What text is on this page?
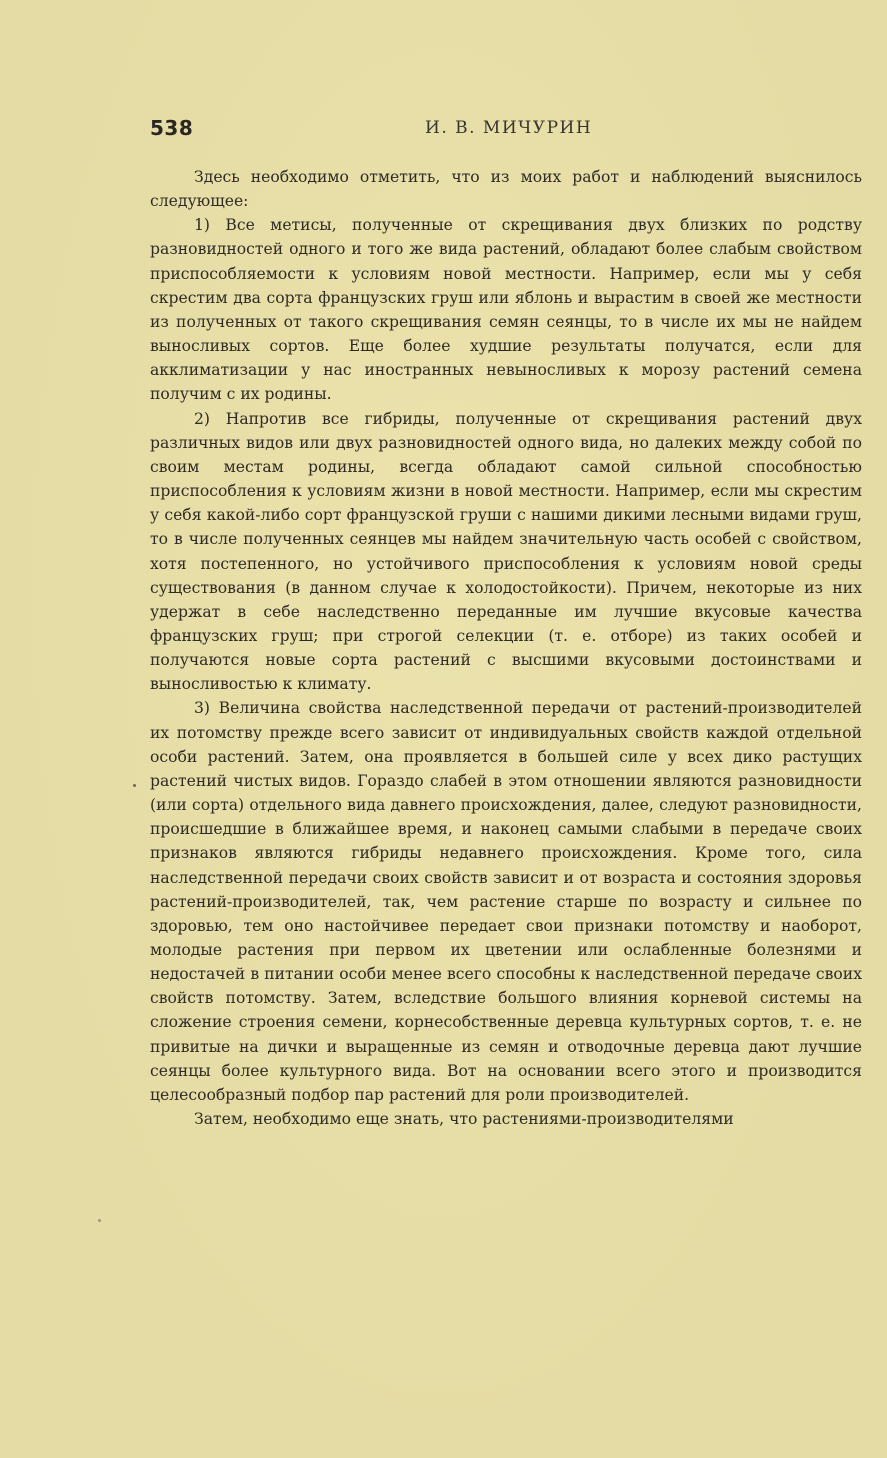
538	И. В. МИЧУРИН

Здесь необходимо отметить, что из моих работ и наблюдений выяснилось следующее:

1) Все метисы, полученные от скрещивания двух близких по родству разновидностей одного и того же вида растений, обладают более слабым свойством приспособляемости к условиям новой местности. Например, если мы у себя скрестим два сорта французских груш или яблонь и вырастим в своей же местности из полученных от такого скрещивания семян сеянцы, то в числе их мы не найдем выносливых сортов. Еще более худшие результаты получатся, если для акклиматизации у нас иностранных невыносливых к морозу растений семена получим с их родины.

2) Напротив все гибриды, полученные от скрещивания растений двух различных видов или двух разновидностей одного вида, но далеких между собой по своим местам родины, всегда обладают самой сильной способностью приспособления к условиям жизни в новой местности. Например, если мы скрестим у себя какой-либо сорт французской груши с нашими дикими лесными видами груш, то в числе полученных сеянцев мы найдем значительную часть особей с свойством, хотя постепенного, но устойчивого приспособления к условиям новой среды существования (в данном случае к холодостойкости). Причем, некоторые из них удержат в себе наследственно переданные им лучшие вкусовые качества французских груш; при строгой селекции (т. е. отборе) из таких особей и получаются новые сорта растений с высшими вкусовыми достоинствами и выносливостью к климату.

3) Величина свойства наследственной передачи от растений-производителей их потомству прежде всего зависит от индивидуальных свойств каждой отдельной особи растений. Затем, она проявляется в большей силе у всех дико растущих растений чистых видов. Гораздо слабей в этом отношении являются разновидности (или сорта) отдельного вида давнего происхождения, далее, следуют разновидности, происшедшие в ближайшее время, и наконец самыми слабыми в передаче своих признаков являются гибриды недавнего происхождения. Кроме того, сила наследственной передачи своих свойств зависит и от возраста и состояния здоровья растений-производителей, так, чем растение старше по возрасту и сильнее по здоровью, тем оно настойчивее передает свои признаки потомству и наоборот, молодые растения при первом их цветении или ослабленные болезнями и недостачей в питании особи менее всего способны к наследственной передаче своих свойств потомству. Затем, вследствие большого влияния корневой системы на сложение строения семени, корнесобственные деревца культурных сортов, т. е. не привитые на дички и выращенные из семян и отводочные деревца дают лучшие сеянцы более культурного вида. Вот на основании всего этого и производится целесообразный подбор пар растений для роли производителей.

Затем, необходимо еще знать, что растениями-производителями
